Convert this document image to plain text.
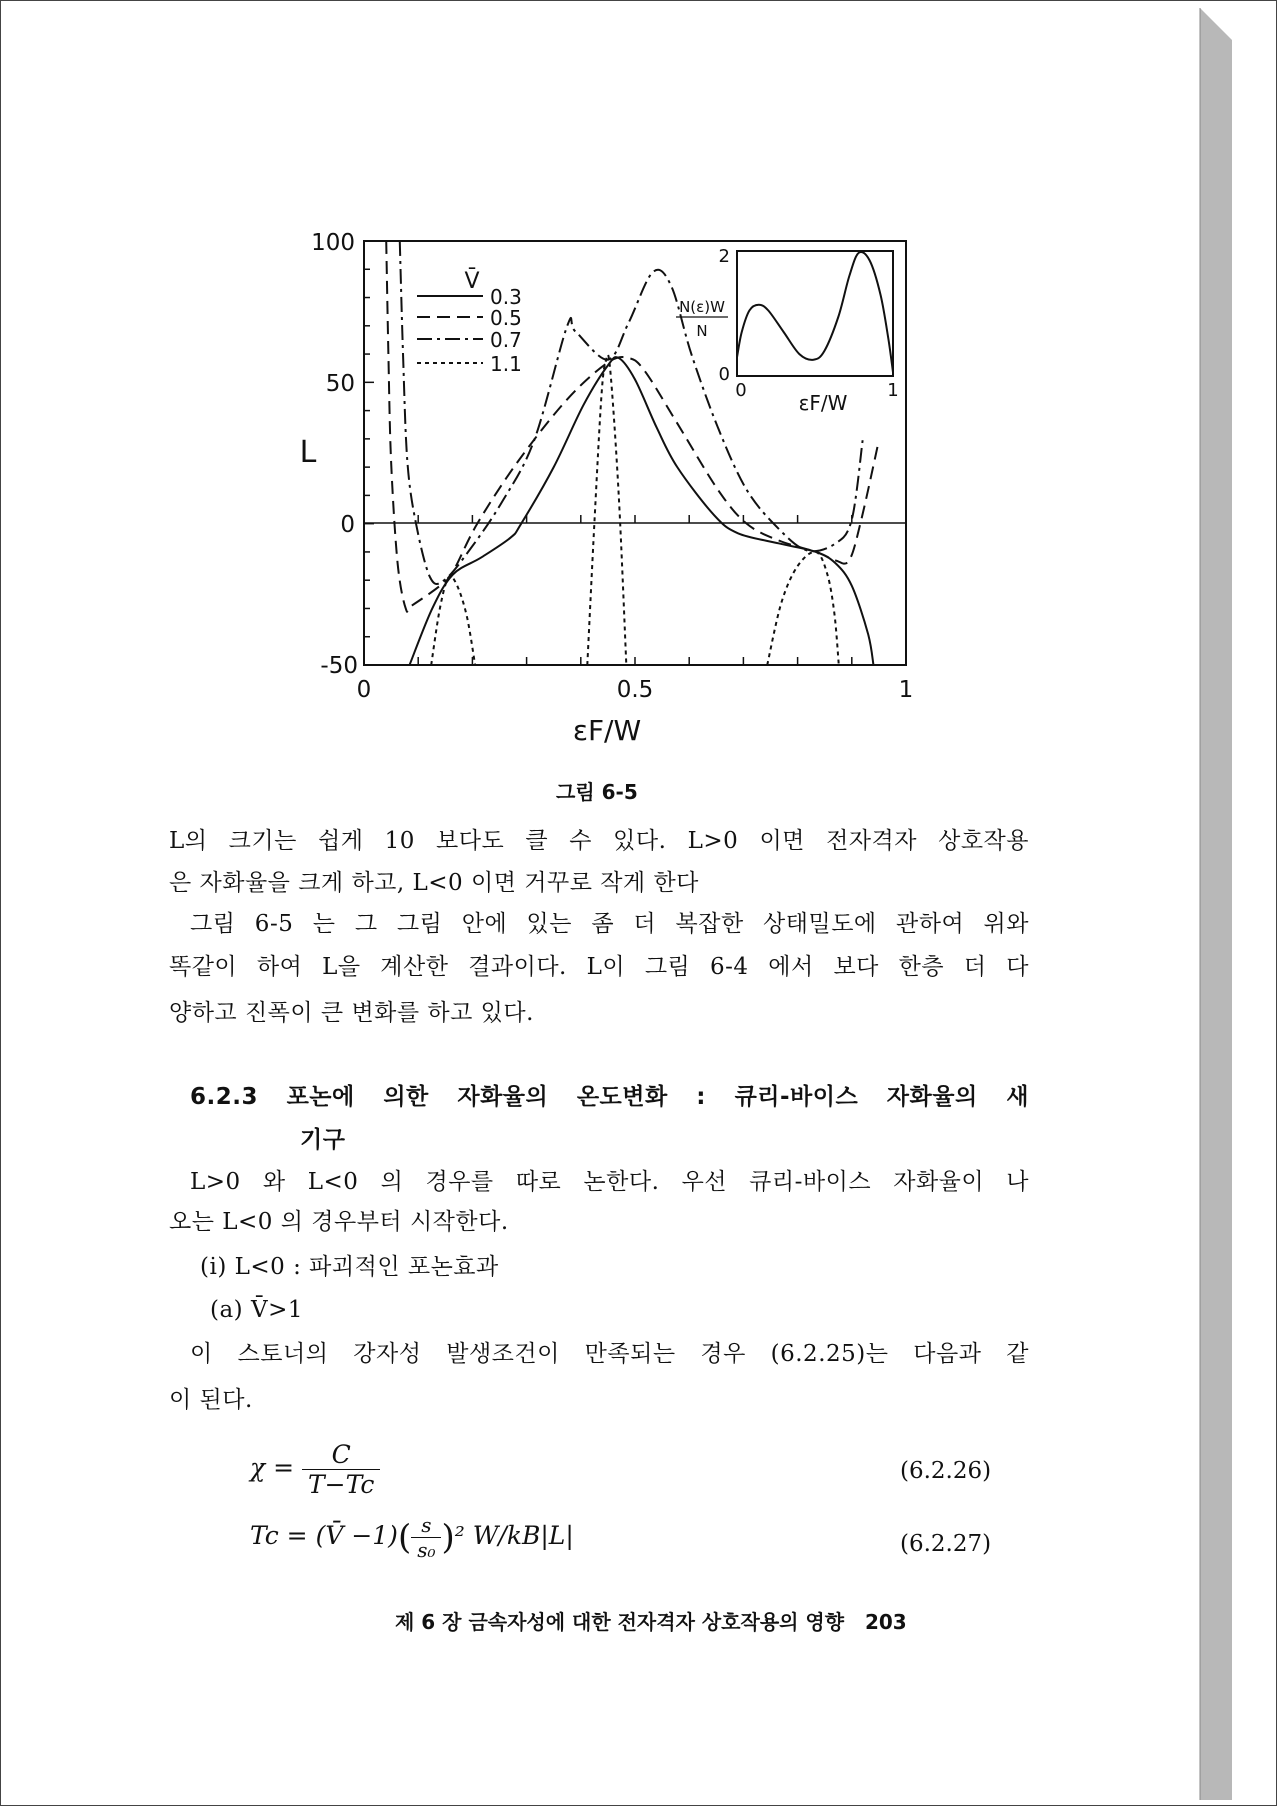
100
50
0
-50
0	0.5	1
εF/W
L
V̄
0.3
0.5
0.7
1.1
2
0
0	1
εF/W
N(ε)W
N
그림 6-5
L의 크기는 쉽게 10 보다도 클 수 있다. L>0 이면 전자격자 상호작용
은 자화율을 크게 하고, L<0 이면 거꾸로 작게 한다
그림 6-5 는 그 그림 안에 있는 좀 더 복잡한 상태밀도에 관하여 위와
똑같이 하여 L을 계산한 결과이다. L이 그림 6-4 에서 보다 한층 더 다
양하고 진폭이 큰 변화를 하고 있다.
6.2.3 포논에 의한 자화율의 온도변화 : 큐리-바이스 자화율의 새
기구
L>0 와 L<0 의 경우를 따로 논한다. 우선 큐리-바이스 자화율이 나
오는 L<0 의 경우부터 시작한다.
(i) L<0 : 파괴적인 포논효과
(a) V̄>1
이 스토너의 강자성 발생조건이 만족되는 경우 (6.2.25)는 다음과 같
이 된다.
$\chi = \frac{C}{T-Tc}$	(6.2.26)
Tc = (V̄ $-1)( \frac{s}{\text{s₀}} )^2$ W/kB|L|	(6.2.27)
제 6 장 금속자성에 대한 전자격자 상호작용의 영향 203
